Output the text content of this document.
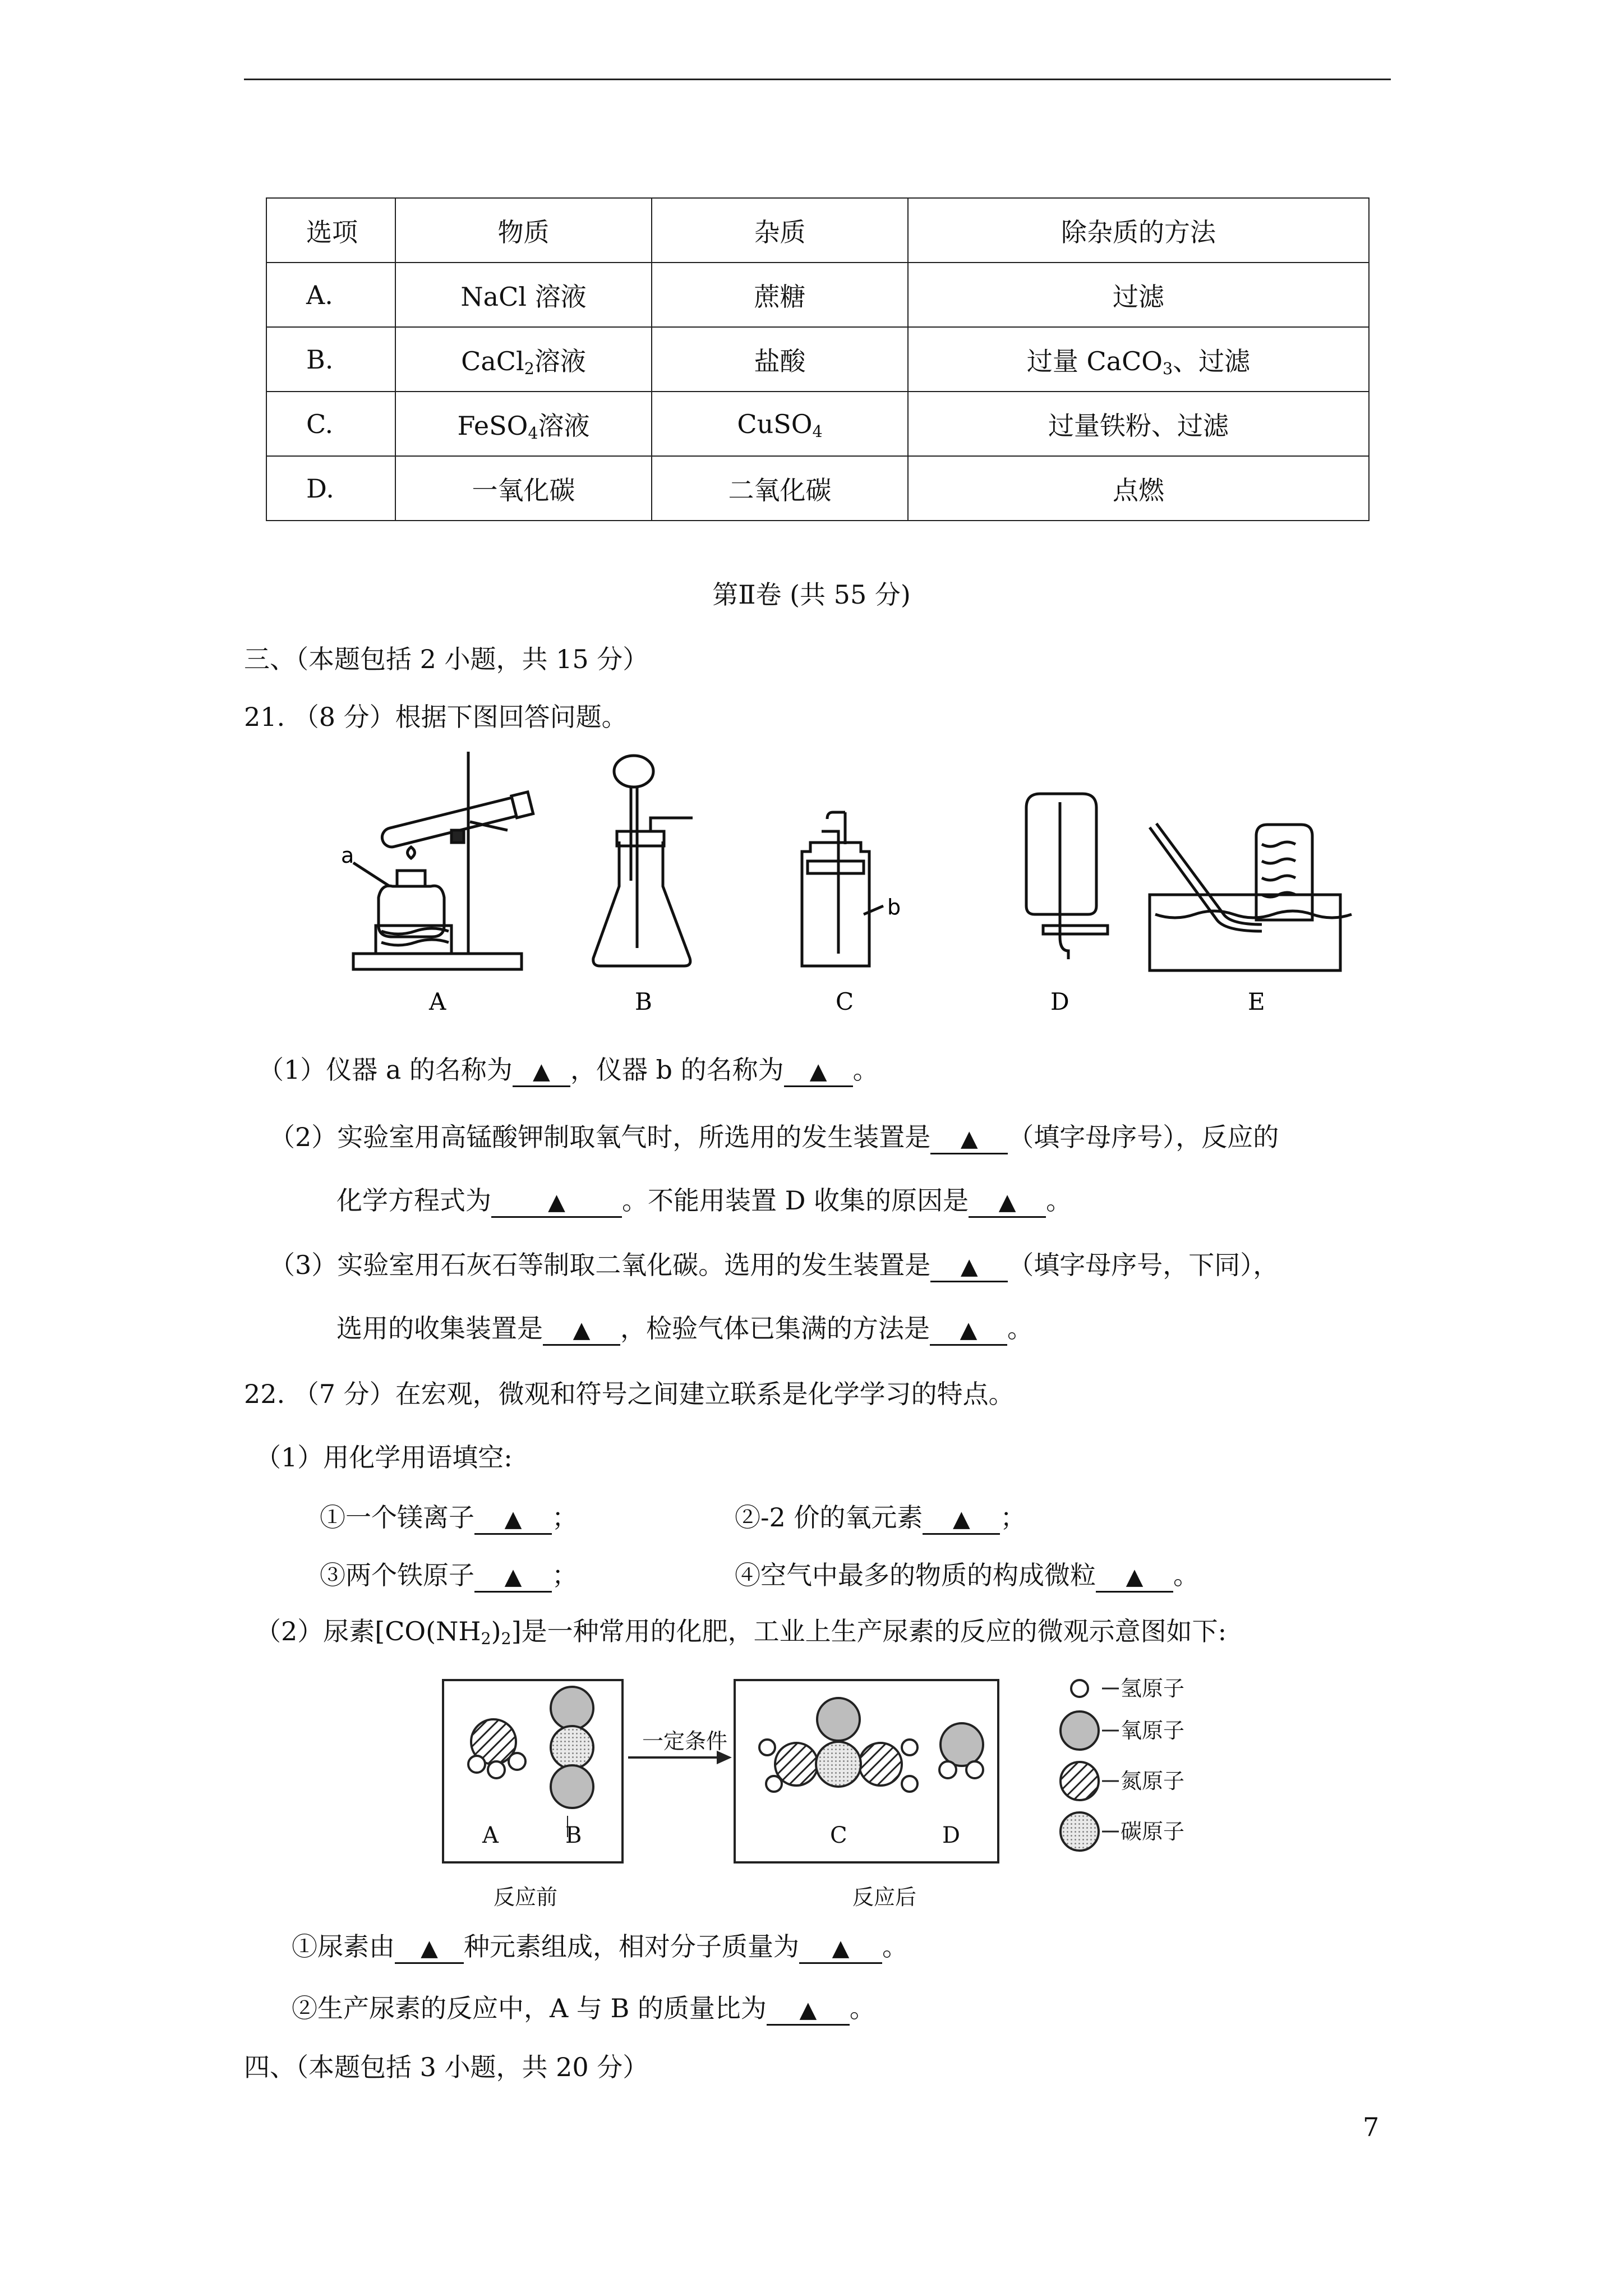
选项	物质	杂质	除杂质的方法
A.	NaCl 溶液	蔗糖	过滤
B.	CaCl$_2$溶液	盐酸	过量 CaCO$_3$、过滤
C.	FeSO$_4$溶液	CuSO$_4$	过量铁粉、过滤
D.	一氧化碳	二氧化碳	点燃
第Ⅱ卷 (共 55 分)
三、（本题包括 2 小题，共 15 分）
21. （8 分）根据下图回答问题。
a
b
A	B	C	D	E
（1）仪器 a 的名称为 ▲ ，仪器 b 的名称为 ▲ 。
（2）实验室用高锰酸钾制取氧气时，所选用的发生装置是 ▲ （填字母序号），反应的
化学方程式为	▲ 。不能用装置 D 收集的原因是 ▲ 。
（3）实验室用石灰石等制取二氧化碳。选用的发生装置是 ▲ （填字母序号，下同），
选用的收集装置是 ▲ ，检验气体已集满的方法是 ▲ 。
22. （7 分）在宏观，微观和符号之间建立联系是化学学习的特点。
（1）用化学用语填空:
①一个镁离子 ▲ ；	②-2 价的氧元素 ▲ ；
③两个铁原子 ▲ ；	④空气中最多的物质的构成微粒 ▲ 。
（2）尿素$[CO(NH_2)_2]$是一种常用的化肥，工业上生产尿素的反应的微观示意图如下:
一定条件
氢原子
氧原子
氮原子
碳原子
反应前	反应后
A	B	C	D
①尿素由 ▲ 种元素组成，相对分子质量为 ▲ 。
②生产尿素的反应中，A 与 B 的质量比为 ▲ 。
四、（本题包括 3 小题，共 20 分）
7
